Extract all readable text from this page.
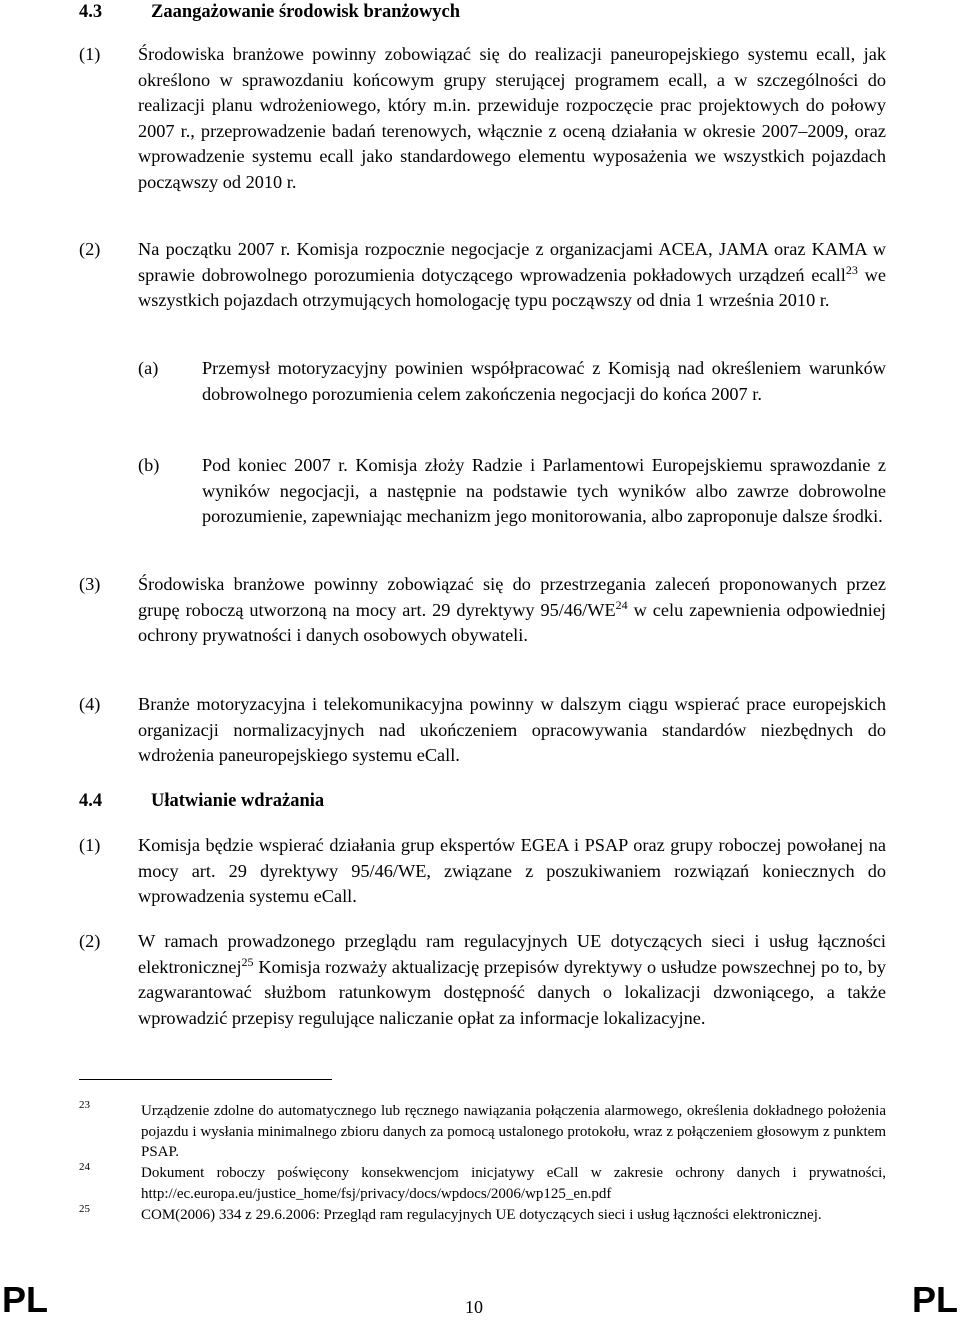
4.3	Zaangażowanie środowisk branżowych
(1) Środowiska branżowe powinny zobowiązać się do realizacji paneuropejskiego systemu ecall, jak określono w sprawozdaniu końcowym grupy sterującej programem ecall, a w szczególności do realizacji planu wdrożeniowego, który m.in. przewiduje rozpoczęcie prac projektowych do połowy 2007 r., przeprowadzenie badań terenowych, włącznie z oceną działania w okresie 2007–2009, oraz wprowadzenie systemu ecall jako standardowego elementu wyposażenia we wszystkich pojazdach począwszy od 2010 r.
(2) Na początku 2007 r. Komisja rozpocznie negocjacje z organizacjami ACEA, JAMA oraz KAMA w sprawie dobrowolnego porozumienia dotyczącego wprowadzenia pokładowych urządzeń ecall$^{23}$ we wszystkich pojazdach otrzymujących homologację typu począwszy od dnia 1 września 2010 r.
(a) Przemysł motoryzacyjny powinien współpracować z Komisją nad określeniem warunków dobrowolnego porozumienia celem zakończenia negocjacji do końca 2007 r.
(b) Pod koniec 2007 r. Komisja złoży Radzie i Parlamentowi Europejskiemu sprawozdanie z wyników negocjacji, a następnie na podstawie tych wyników albo zawrze dobrowolne porozumienie, zapewniając mechanizm jego monitorowania, albo zaproponuje dalsze środki.
(3) Środowiska branżowe powinny zobowiązać się do przestrzegania zaleceń proponowanych przez grupę roboczą utworzoną na mocy art. 29 dyrektywy 95/46/WE$^{24}$ w celu zapewnienia odpowiedniej ochrony prywatności i danych osobowych obywateli.
(4) Branże motoryzacyjna i telekomunikacyjna powinny w dalszym ciągu wspierać prace europejskich organizacji normalizacyjnych nad ukończeniem opracowywania standardów niezbędnych do wdrożenia paneuropejskiego systemu eCall.
4.4	Ułatwianie wdrażania
(1) Komisja będzie wspierać działania grup ekspertów EGEA i PSAP oraz grupy roboczej powołanej na mocy art. 29 dyrektywy 95/46/WE, związane z poszukiwaniem rozwiązań koniecznych do wprowadzenia systemu eCall.
(2) W ramach prowadzonego przeglądu ram regulacyjnych UE dotyczących sieci i usług łączności elektronicznej$^{25}$ Komisja rozważy aktualizację przepisów dyrektywy o usłudze powszechnej po to, by zagwarantować służbom ratunkowym dostępność danych o lokalizacji dzwoniącego, a także wprowadzić przepisy regulujące naliczanie opłat za informacje lokalizacyjne.
23	Urządzenie zdolne do automatycznego lub ręcznego nawiązania połączenia alarmowego, określenia dokładnego położenia pojazdu i wysłania minimalnego zbioru danych za pomocą ustalonego protokołu, wraz z połączeniem głosowym z punktem PSAP.
24	Dokument roboczy poświęcony konsekwencjom inicjatywy eCall w zakresie ochrony danych i prywatności, http://ec.europa.eu/justice_home/fsj/privacy/docs/wpdocs/2006/wp125_en.pdf
25	COM(2006) 334 z 29.6.2006: Przegląd ram regulacyjnych UE dotyczących sieci i usług łączności elektronicznej.
PL	10	PL
